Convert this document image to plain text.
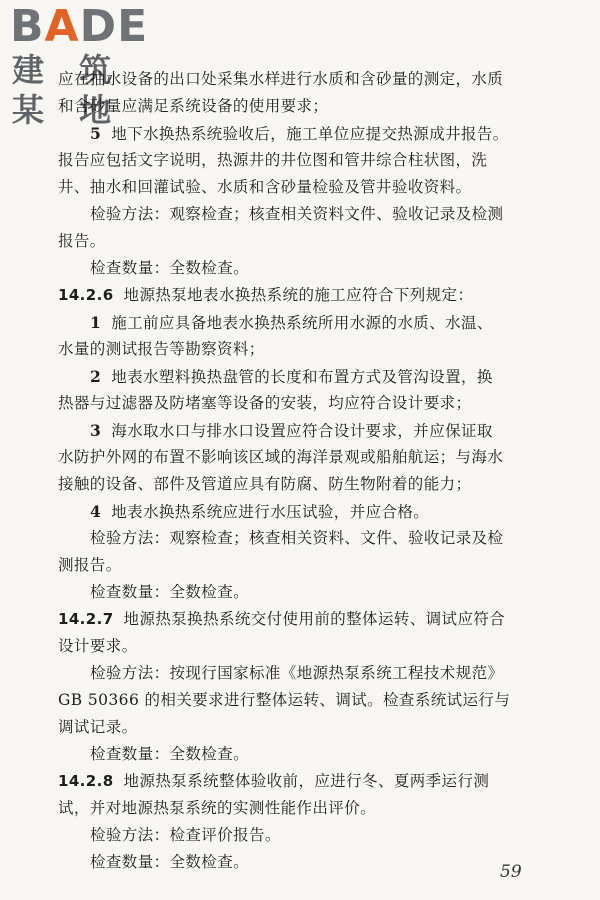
BADE
建 筑 某 地
应在抽水设备的出口处采集水样进行水质和含砂量的测定，水质
和含砂量应满足系统设备的使用要求；
5 地下水换热系统验收后，施工单位应提交热源成井报告。
报告应包括文字说明，热源井的井位图和管井综合柱状图，洗
井、抽水和回灌试验、水质和含砂量检验及管井验收资料。
检验方法：观察检查；核查相关资料文件、验收记录及检测
报告。
检查数量：全数检查。
14.2.6 地源热泵地表水换热系统的施工应符合下列规定：
1 施工前应具备地表水换热系统所用水源的水质、水温、
水量的测试报告等勘察资料；
2 地表水塑料换热盘管的长度和布置方式及管沟设置，换
热器与过滤器及防堵塞等设备的安装，均应符合设计要求；
3 海水取水口与排水口设置应符合设计要求，并应保证取
水防护外网的布置不影响该区域的海洋景观或船舶航运；与海水
接触的设备、部件及管道应具有防腐、防生物附着的能力；
4 地表水换热系统应进行水压试验，并应合格。
检验方法：观察检查；核查相关资料、文件、验收记录及检
测报告。
检查数量：全数检查。
14.2.7 地源热泵换热系统交付使用前的整体运转、调试应符合
设计要求。
检验方法：按现行国家标准《地源热泵系统工程技术规范》
GB 50366 的相关要求进行整体运转、调试。检查系统试运行与
调试记录。
检查数量：全数检查。
14.2.8 地源热泵系统整体验收前，应进行冬、夏两季运行测
试，并对地源热泵系统的实测性能作出评价。
检验方法：检查评价报告。
检查数量：全数检查。	59
